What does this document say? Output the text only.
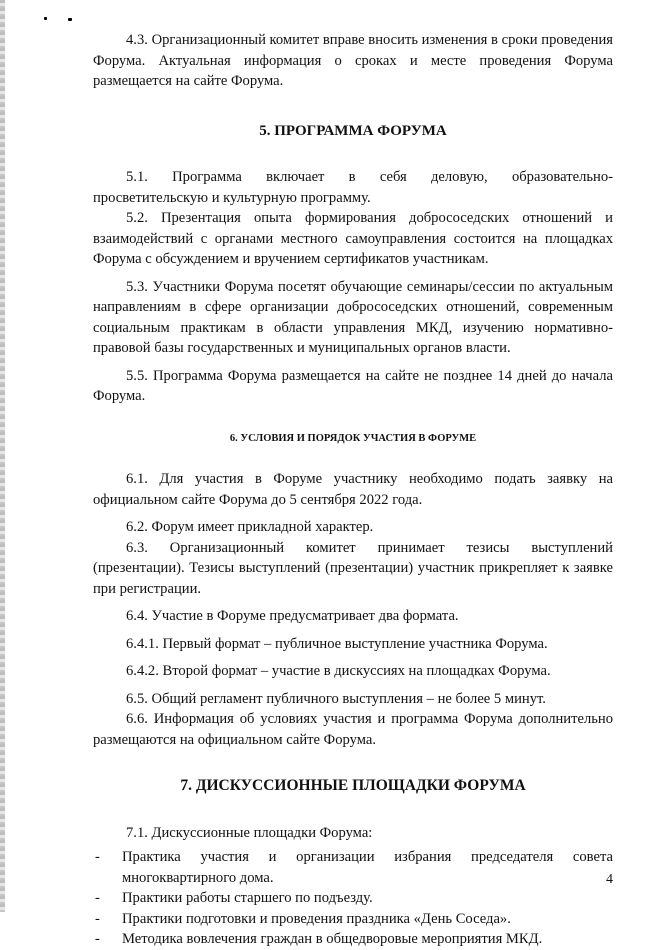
4.3. Организационный комитет вправе вносить изменения в сроки проведения Форума. Актуальная информация о сроках и месте проведения Форума размещается на сайте Форума.

5. ПРОГРАММА ФОРУМА

5.1. Программа включает в себя деловую, образовательно-

просветительскую и культурную программу.

5.2. Презентация опыта формирования добрососедских отношений и взаимодействий с органами местного самоуправления состоится на площадках Форума с обсуждением и вручением сертификатов участникам.

5.3. Участники Форума посетят обучающие семинары/сессии по актуальным направлениям в сфере организации добрососедских отношений, современным социальным практикам в области управления МКД, изучению нормативно-правовой базы государственных и муниципальных органов власти.

5.5. Программа Форума размещается на сайте не позднее 14 дней до начала Форума.

6. УСЛОВИЯ И ПОРЯДОК УЧАСТИЯ В ФОРУМЕ

6.1. Для участия в Форуме участнику необходимо подать заявку на официальном сайте Форума до 5 сентября 2022 года.

6.2. Форум имеет прикладной характер.

6.3. Организационный комитет принимает тезисы выступлений (презентации). Тезисы выступлений (презентации) участник прикрепляет к заявке при регистрации.

6.4. Участие в Форуме предусматривает два формата.

6.4.1. Первый формат – публичное выступление участника Форума.

6.4.2. Второй формат – участие в дискуссиях на площадках Форума.

6.5. Общий регламент публичного выступления – не более 5 минут.

6.6. Информация об условиях участия и программа Форума дополнительно размещаются на официальном сайте Форума.

7. ДИСКУССИОННЫЕ ПЛОЩАДКИ ФОРУМА

7.1. Дискуссионные площадки Форума:

-	Практика участия и организации избрания председателя совета многоквартирного дома.
-	Практики работы старшего по подъезду.
-	Практики подготовки и проведения праздника «День Соседа».
-	Методика вовлечения граждан в общедворовые мероприятия МКД.
4
